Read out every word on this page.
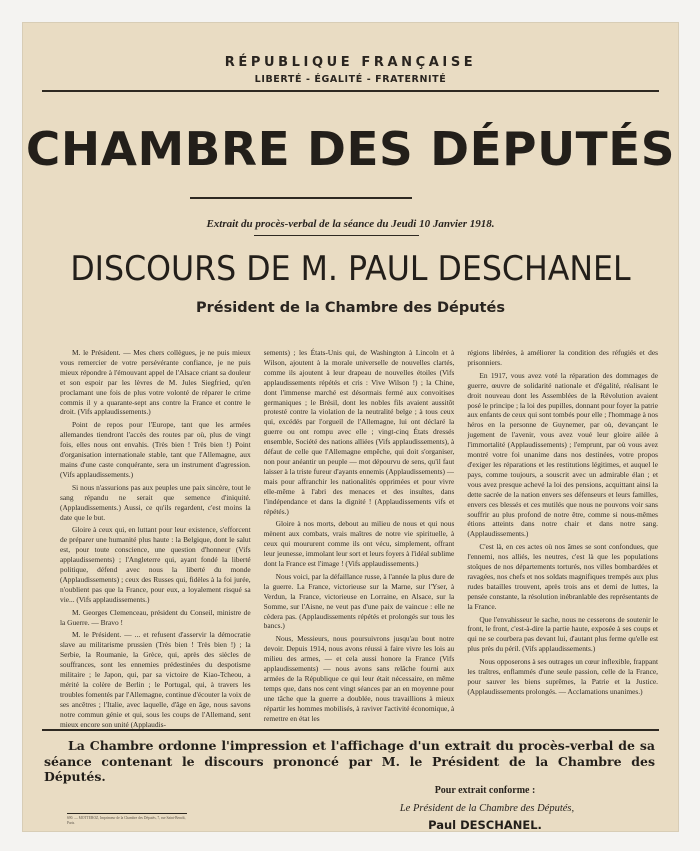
RÉPUBLIQUE FRANÇAISE
LIBERTÉ - ÉGALITÉ - FRATERNITÉ
CHAMBRE DES DÉPUTÉS
Extrait du procès-verbal de la séance du Jeudi 10 Janvier 1918.
DISCOURS DE M. PAUL DESCHANEL
Président de la Chambre des Députés

M. le Président. — Mes chers collègues, je ne puis mieux vous remercier de votre persévérante confiance, je ne puis mieux répondre à l'émouvant appel de l'Alsace criant sa douleur et son espoir par les lèvres de M. Jules Siegfried, qu'en proclamant une fois de plus votre volonté de réparer le crime commis il y a quarante-sept ans contre la France et contre le droit. (Vifs applaudissements.)

Point de repos pour l'Europe, tant que les armées allemandes tiendront l'accès des routes par où, plus de vingt fois, elles nous ont envahis. (Très bien ! Très bien !) Point d'organisation internationale stable, tant que l'Allemagne, aux mains d'une caste conquérante, sera un instrument d'agression. (Vifs applaudissements.)

Si nous n'assurions pas aux peuples une paix sincère, tout le sang répandu ne serait que semence d'iniquité. (Applaudissements.) Aussi, ce qu'ils regardent, c'est moins la date que le but.

Gloire à ceux qui, en luttant pour leur existence, s'efforcent de préparer une humanité plus haute : la Belgique, dont le salut est, pour toute conscience, une question d'honneur (Vifs applaudissements) ; l'Angleterre qui, ayant fondé la liberté politique, défend avec nous la liberté du monde (Applaudissements) ; ceux des Russes qui, fidèles à la foi jurée, n'oublient pas que la France, pour eux, a loyalement risqué sa vie... (Vifs applaudissements.)

M. Georges Clemenceau, président du Conseil, ministre de la Guerre. — Bravo !

M. le Président. — ... et refusent d'asservir la démocratie slave au militarisme prussien (Très bien ! Très bien !) ; la Serbie, la Roumanie, la Grèce, qui, après des siècles de souffrances, sont les ennemies prédestinées du despotisme militaire ; le Japon, qui, par sa victoire de Kiao-Tcheou, a mérité la colère de Berlin ; le Portugal, qui, à travers les troubles fomentés par l'Allemagne, continue d'écouter la voix de ses ancêtres ; l'Italie, avec laquelle, d'âge en âge, nous savons notre commun génie et qui, sous les coups de l'Allemand, sent mieux encore son unité (Applaudis-

sements) ; les États-Unis qui, de Washington à Lincoln et à Wilson, ajoutent à la morale universelle de nouvelles clartés, comme ils ajoutent à leur drapeau de nouvelles étoiles (Vifs applaudissements répétés et cris : Vive Wilson !) ; la Chine, dont l'immense marché est désormais fermé aux convoitises germaniques ; le Brésil, dont les nobles fils avaient aussitôt protesté contre la violation de la neutralité belge ; à tous ceux qui, excédés par l'orgueil de l'Allemagne, lui ont déclaré la guerre ou ont rompu avec elle ; vingt-cinq États dressés ensemble, Société des nations alliées (Vifs applaudissements), à défaut de celle que l'Allemagne empêche, qui doit s'organiser, non pour anéantir un peuple — mot dépourvu de sens, qu'il faut laisser à la triste fureur d'ayants ennemis (Applaudissements) — mais pour affranchir les nationalités opprimées et pour vivre elle-même à l'abri des menaces et des insultes, dans l'indépendance et dans la dignité ! (Applaudissements vifs et répétés.)

Gloire à nos morts, debout au milieu de nous et qui nous mènent aux combats, vrais maîtres de notre vie spirituelle, à ceux qui moururent comme ils ont vécu, simplement, offrant leur jeunesse, immolant leur sort et leurs foyers à l'idéal sublime dont la France est l'image ! (Vifs applaudissements.)

Nous voici, par la défaillance russe, à l'année la plus dure de la guerre. La France, victorieuse sur la Marne, sur l'Yser, à Verdun, la France, victorieuse en Lorraine, en Alsace, sur la Somme, sur l'Aisne, ne veut pas d'une paix de vaincue : elle ne cèdera pas. (Applaudissements répétés et prolongés sur tous les bancs.)

Nous, Messieurs, nous poursuivrons jusqu'au bout notre devoir. Depuis 1914, nous avons réussi à faire vivre les lois au milieu des armes, — et cela aussi honore la France (Vifs applaudissements) — nous avons sans relâche fourni aux armées de la République ce qui leur était nécessaire, en même temps que, dans nos cent vingt séances par an en moyenne pour une tâche que la guerre a doublée, nous travaillions à mieux répartir les hommes mobilisés, à raviver l'activité économique, à remettre en état les

régions libérées, à améliorer la condition des réfugiés et des prisonniers.

En 1917, vous avez voté la réparation des dommages de guerre, œuvre de solidarité nationale et d'égalité, réalisant le droit nouveau dont les Assemblées de la Révolution avaient posé le principe ; la loi des pupilles, donnant pour foyer la patrie aux enfants de ceux qui sont tombés pour elle ; l'hommage à nos héros en la personne de Guynemer, par où, devançant le jugement de l'avenir, vous avez voué leur gloire ailée à l'immortalité (Applaudissements) ; l'emprunt, par où vous avez montré votre foi unanime dans nos destinées, votre propos d'exiger les réparations et les restitutions légitimes, et auquel le pays, comme toujours, a souscrit avec un admirable élan ; et vous avez presque achevé la loi des pensions, acquittant ainsi la dette sacrée de la nation envers ses défenseurs et leurs familles, envers ces blessés et ces mutilés que nous ne pouvons voir sans souffrir au plus profond de notre être, comme si nous-mêmes étions atteints dans notre chair et dans notre sang. (Applaudissements.)

C'est là, en ces actes où nos âmes se sont confondues, que l'ennemi, nos alliés, les neutres, c'est là que les populations stoïques de nos départements torturés, nos villes bombardées et ravagées, nos chefs et nos soldats magnifiques trempés aux plus rudes batailles trouvent, après trois ans et demi de luttes, la pensée constante, la résolution inébranlable des représentants de la France.

Que l'envahisseur le sache, nous ne cesserons de soutenir le front, le front, c'est-à-dire la partie haute, exposée à ses coups et qui ne se courbera pas devant lui, d'autant plus ferme qu'elle est plus près du péril. (Vifs applaudissements.)

Nous opposerons à ses outrages un cœur inflexible, frappant les traîtres, enflammés d'une seule passion, celle de la France, pour sauver les biens suprêmes, la Patrie et la Justice. (Applaudissements prolongés. — Acclamations unanimes.)

La Chambre ordonne l'impression et l'affichage d'un extrait du procès-verbal de sa séance contenant le discours prononcé par M. le Président de la Chambre des Députés.
Pour extrait conforme :
Le Président de la Chambre des Députés,
Paul DESCHANEL.
690. — MOTTEROZ, Imprimeur de la Chambre des Députés, 7, rue Saint-Benoît, Paris.
